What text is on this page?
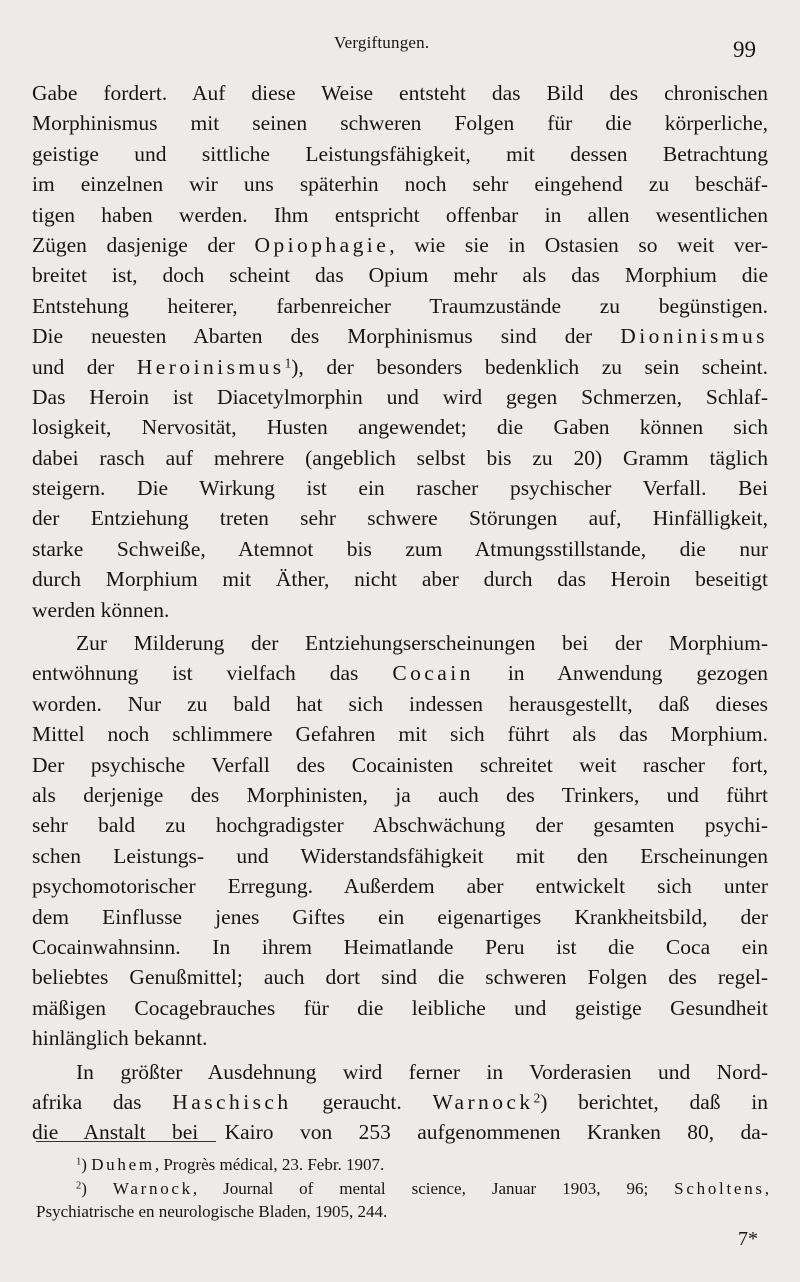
Vergiftungen.	99
Gabe fordert. Auf diese Weise entsteht das Bild des chronischen
Morphinismus mit seinen schweren Folgen für die körperliche,
geistige und sittliche Leistungsfähigkeit, mit dessen Betrachtung
im einzelnen wir uns späterhin noch sehr eingehend zu beschäf-
tigen haben werden. Ihm entspricht offenbar in allen wesentlichen
Zügen dasjenige der Opiophagie, wie sie in Ostasien so weit ver-
breitet ist, doch scheint das Opium mehr als das Morphium die
Entstehung heiterer, farbenreicher Traumzustände zu begünstigen.
Die neuesten Abarten des Morphinismus sind der Dioninismus
und der Heroinismus$^1$), der besonders bedenklich zu sein scheint.
Das Heroin ist Diacetylmorphin und wird gegen Schmerzen, Schlaf-
losigkeit, Nervosität, Husten angewendet; die Gaben können sich
dabei rasch auf mehrere (angeblich selbst bis zu 20) Gramm täglich
steigern. Die Wirkung ist ein rascher psychischer Verfall. Bei
der Entziehung treten sehr schwere Störungen auf, Hinfälligkeit,
starke Schweiße, Atemnot bis zum Atmungsstillstande, die nur
durch Morphium mit Äther, nicht aber durch das Heroin beseitigt
werden können.
Zur Milderung der Entziehungserscheinungen bei der Morphium-
entwöhnung ist vielfach das Cocain in Anwendung gezogen
worden. Nur zu bald hat sich indessen herausgestellt, daß dieses
Mittel noch schlimmere Gefahren mit sich führt als das Morphium.
Der psychische Verfall des Cocainisten schreitet weit rascher fort,
als derjenige des Morphinisten, ja auch des Trinkers, und führt
sehr bald zu hochgradigster Abschwächung der gesamten psychi-
schen Leistungs- und Widerstandsfähigkeit mit den Erscheinungen
psychomotorischer Erregung. Außerdem aber entwickelt sich unter
dem Einflusse jenes Giftes ein eigenartiges Krankheitsbild, der
Cocainwahnsinn. In ihrem Heimatlande Peru ist die Coca ein
beliebtes Genußmittel; auch dort sind die schweren Folgen des regel-
mäßigen Cocagebrauches für die leibliche und geistige Gesundheit
hinlänglich bekannt.
In größter Ausdehnung wird ferner in Vorderasien und Nord-
afrika das Haschisch geraucht. Warnock$^2$) berichtet, daß in
die Anstalt bei Kairo von 253 aufgenommenen Kranken 80, da-
$^1$) Duhem, Progrès médical, 23. Febr. 1907.
$^2$) Warnock, Journal of mental science, Januar 1903, 96; Scholtens,
Psychiatrische en neurologische Bladen, 1905, 244.
7*
